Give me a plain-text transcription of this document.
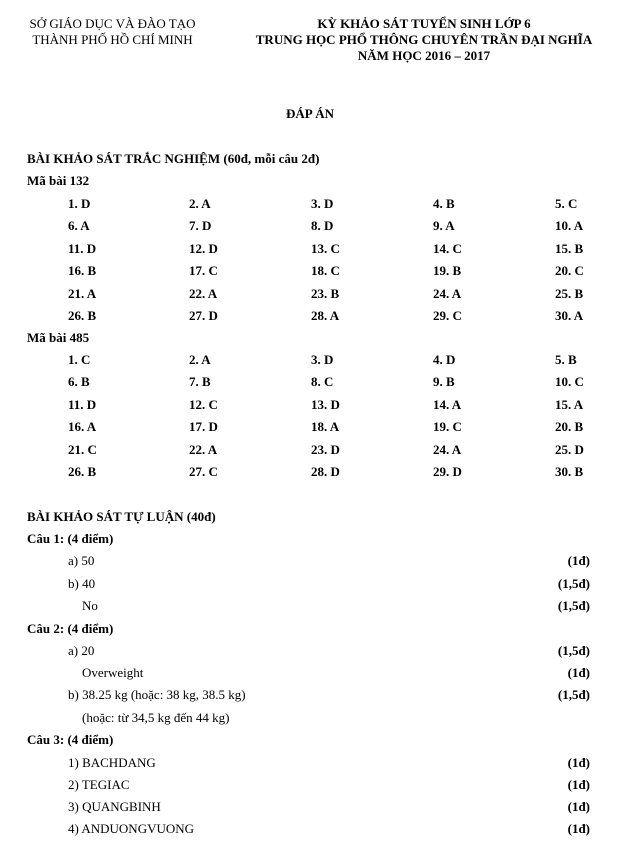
SỞ GIÁO DỤC VÀ ĐÀO TẠO
THÀNH PHỐ HỒ CHÍ MINH
KỲ KHẢO SÁT TUYỂN SINH LỚP 6
TRUNG HỌC PHỔ THÔNG CHUYÊN TRẦN ĐẠI NGHĨA
NĂM HỌC 2016 – 2017
ĐÁP ÁN
BÀI KHẢO SÁT TRẮC NGHIỆM (60đ, mỗi câu 2đ)
Mã bài 132
1. D	2. A	3. D	4. B	5. C
6. A	7. D	8. D	9. A	10. A
11. D	12. D	13. C	14. C	15. B
16. B	17. C	18. C	19. B	20. C
21. A	22. A	23. B	24. A	25. B
26. B	27. D	28. A	29. C	30. A
Mã bài 485
1. C	2. A	3. D	4. D	5. B
6. B	7. B	8. C	9. B	10. C
11. D	12. C	13. D	14. A	15. A
16. A	17. D	18. A	19. C	20. B
21. C	22. A	23. D	24. A	25. D
26. B	27. C	28. D	29. D	30. B
BÀI KHẢO SÁT TỰ LUẬN (40đ)
Câu 1: (4 điểm)
a) 50	(1đ)
b) 40	(1,5đ)
No	(1,5đ)
Câu 2: (4 điểm)
a) 20	(1,5đ)
Overweight	(1đ)
b) 38.25 kg (hoặc: 38 kg, 38.5 kg)	(1,5đ)
(hoặc: từ 34,5 kg đến 44 kg)
Câu 3: (4 điểm)
1) BACHDANG	(1đ)
2) TEGIAC	(1đ)
3) QUANGBINH	(1đ)
4) ANDUONGVUONG	(1đ)
